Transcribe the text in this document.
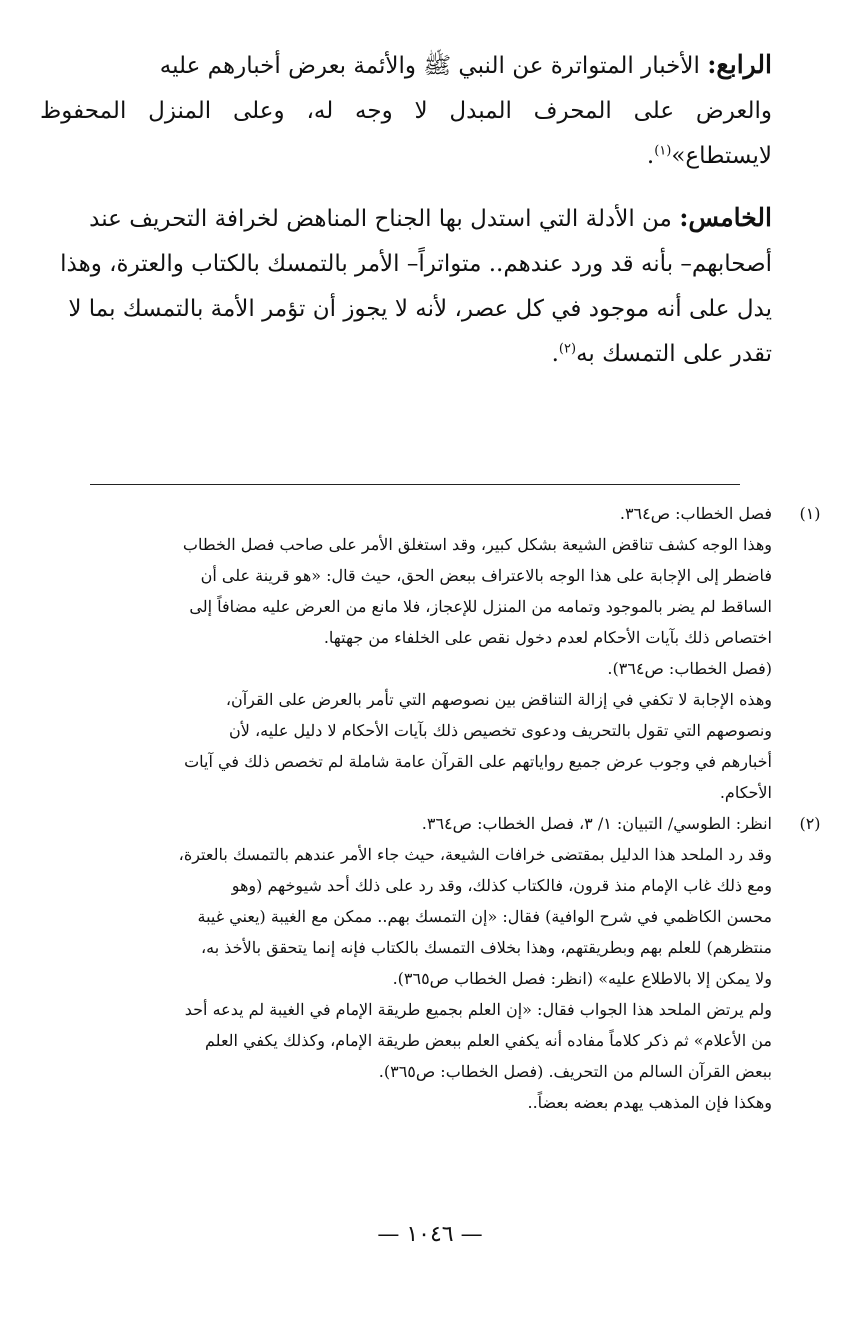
الرابع: الأخبار المتواترة عن النبي ﷺ والأئمة بعرض أخبارهم عليه
والعرض على المحرف المبدل لا وجه له، وعلى المنزل المحفوظ لايستطاع»$^{(١)}$.

الخامس: من الأدلة التي استدل بها الجناح المناهض لخرافة التحريف عند
أصحابهم– بأنه قد ورد عندهم.. متواتراً– الأمر بالتمسك بالكتاب والعترة، وهذا
يدل على أنه موجود في كل عصر، لأنه لا يجوز أن تؤمر الأمة بالتمسك بما لا
تقدر على التمسك به$^{(٢)}$.

(١)
فصل الخطاب: ص٣٦٤.
وهذا الوجه كشف تناقض الشيعة بشكل كبير، وقد استغلق الأمر على صاحب فصل الخطاب
فاضطر إلى الإجابة على هذا الوجه بالاعتراف ببعض الحق، حيث قال: «هو قرينة على أن
الساقط لم يضر بالموجود وتمامه من المنزل للإعجاز، فلا مانع من العرض عليه مضافاً إلى
اختصاص ذلك بآيات الأحكام لعدم دخول نقص على الخلفاء من جهتها.
(فصل الخطاب: ص٣٦٤).
وهذه الإجابة لا تكفي في إزالة التناقض بين نصوصهم التي تأمر بالعرض على القرآن،
ونصوصهم التي تقول بالتحريف ودعوى تخصيص ذلك بآيات الأحكام لا دليل عليه، لأن
أخبارهم في وجوب عرض جميع رواياتهم على القرآن عامة شاملة لم تخصص ذلك في آيات
الأحكام.
(٢)
انظر: الطوسي/ التبيان: ١/ ٣، فصل الخطاب: ص٣٦٤.
وقد رد الملحد هذا الدليل بمقتضى خرافات الشيعة، حيث جاء الأمر عندهم بالتمسك بالعترة،
ومع ذلك غاب الإمام منذ قرون، فالكتاب كذلك، وقد رد على ذلك أحد شيوخهم (وهو
محسن الكاظمي في شرح الوافية) فقال: «إن التمسك بهم.. ممكن مع الغيبة (يعني غيبة
منتظرهم) للعلم بهم وبطريقتهم، وهذا بخلاف التمسك بالكتاب فإنه إنما يتحقق بالأخذ به،
ولا يمكن إلا بالاطلاع عليه» (انظر: فصل الخطاب ص٣٦٥).
ولم يرتض الملحد هذا الجواب فقال: «إن العلم بجميع طريقة الإمام في الغيبة لم يدعه أحد
من الأعلام» ثم ذكر كلاماً مفاده أنه يكفي العلم ببعض طريقة الإمام، وكذلك يكفي العلم
ببعض القرآن السالم من التحريف. (فصل الخطاب: ص٣٦٥).
وهكذا فإن المذهب يهدم بعضه بعضاً..
— ١٠٤٦ —
